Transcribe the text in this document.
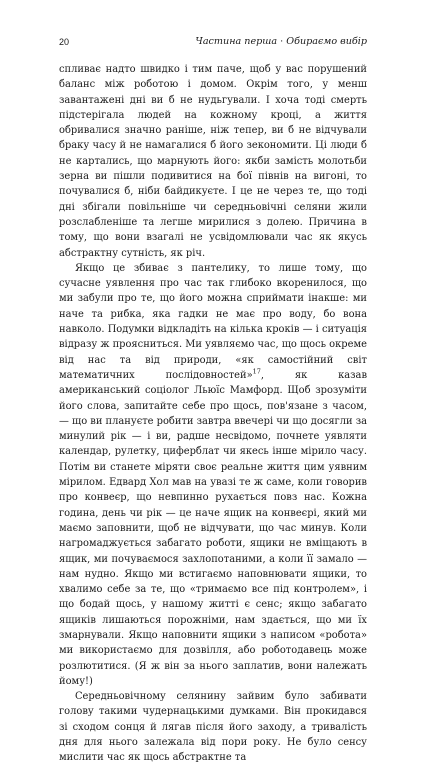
20	Частина перша · Обираємо вибір

спливає надто швидко і тим паче, щоб у вас порушений баланс між роботою і домом. Окрім того, у менш завантажені дні ви б не нудьгували. І хоча тоді смерть підстерігала людей на кожному кроці, а життя обривалися значно раніше, ніж тепер, ви б не відчували браку часу й не намагалися б його зекономити. Ці люди б не картались, що марнують його: якби замість молотьби зерна ви пішли подивитися на бої півнів на вигоні, то почувалися б, ніби байдикуєте. І це не через те, що тоді дні збігали повільніше чи середньовічні селяни жили розслабленіше та легше мирилися з долею. Причина в тому, що вони взагалі не усвідомлювали час як якусь абстрактну сутність, як річ.

Якщо це збиває з пантелику, то лише тому, що сучасне уявлення про час так глибоко вкоренилося, що ми забули про те, що його можна сприймати інакше: ми наче та рибка, яка гадки не має про воду, бо вона навколо. Подумки відкладіть на кілька кроків — і ситуація відразу ж проясниться. Ми уявляємо час, що щось окреме від нас та від природи, «як самостійний світ математичних послідовностей»$^{17}$, як казав американський соціолог Льюїс Мамфорд. Щоб зрозуміти його слова, запитайте себе про щось, пов'язане з часом, — що ви плануєте робити завтра ввечері чи що досягли за минулий рік — і ви, радше несвідомо, почнете уявляти календар, рулетку, циферблат чи якесь інше мірило часу. Потім ви станете міряти своє реальне життя цим уявним мірилом. Едвард Хол мав на увазі те ж саме, коли говорив про конвеєр, що невпинно рухається повз нас. Кожна година, день чи рік — це наче ящик на конвеєрі, який ми маємо заповнити, щоб не відчувати, що час минув. Коли нагромаджується забагато роботи, ящики не вміщають в ящик, ми почуваємося захлопотаними, а коли її замало — нам нудно. Якщо ми встигаємо наповнювати ящики, то хвалимо себе за те, що «тримаємо все під контролем», і що бодай щось, у нашому житті є сенс; якщо забагато ящиків лишаються порожніми, нам здається, що ми їх змарнували. Якщо наповнити ящики з написом «робота» ми використаємо для дозвілля, або роботодавець може розлютитися. (Я ж він за нього заплатив, вони належать йому!)

Середньовічному селянину зайвим було забивати голову такими чудернацькими думками. Він прокидався зі сходом сонця й лягав після його заходу, а тривалість дня для нього залежала від пори року. Не було сенсу мислити час як щось абстрактне та
